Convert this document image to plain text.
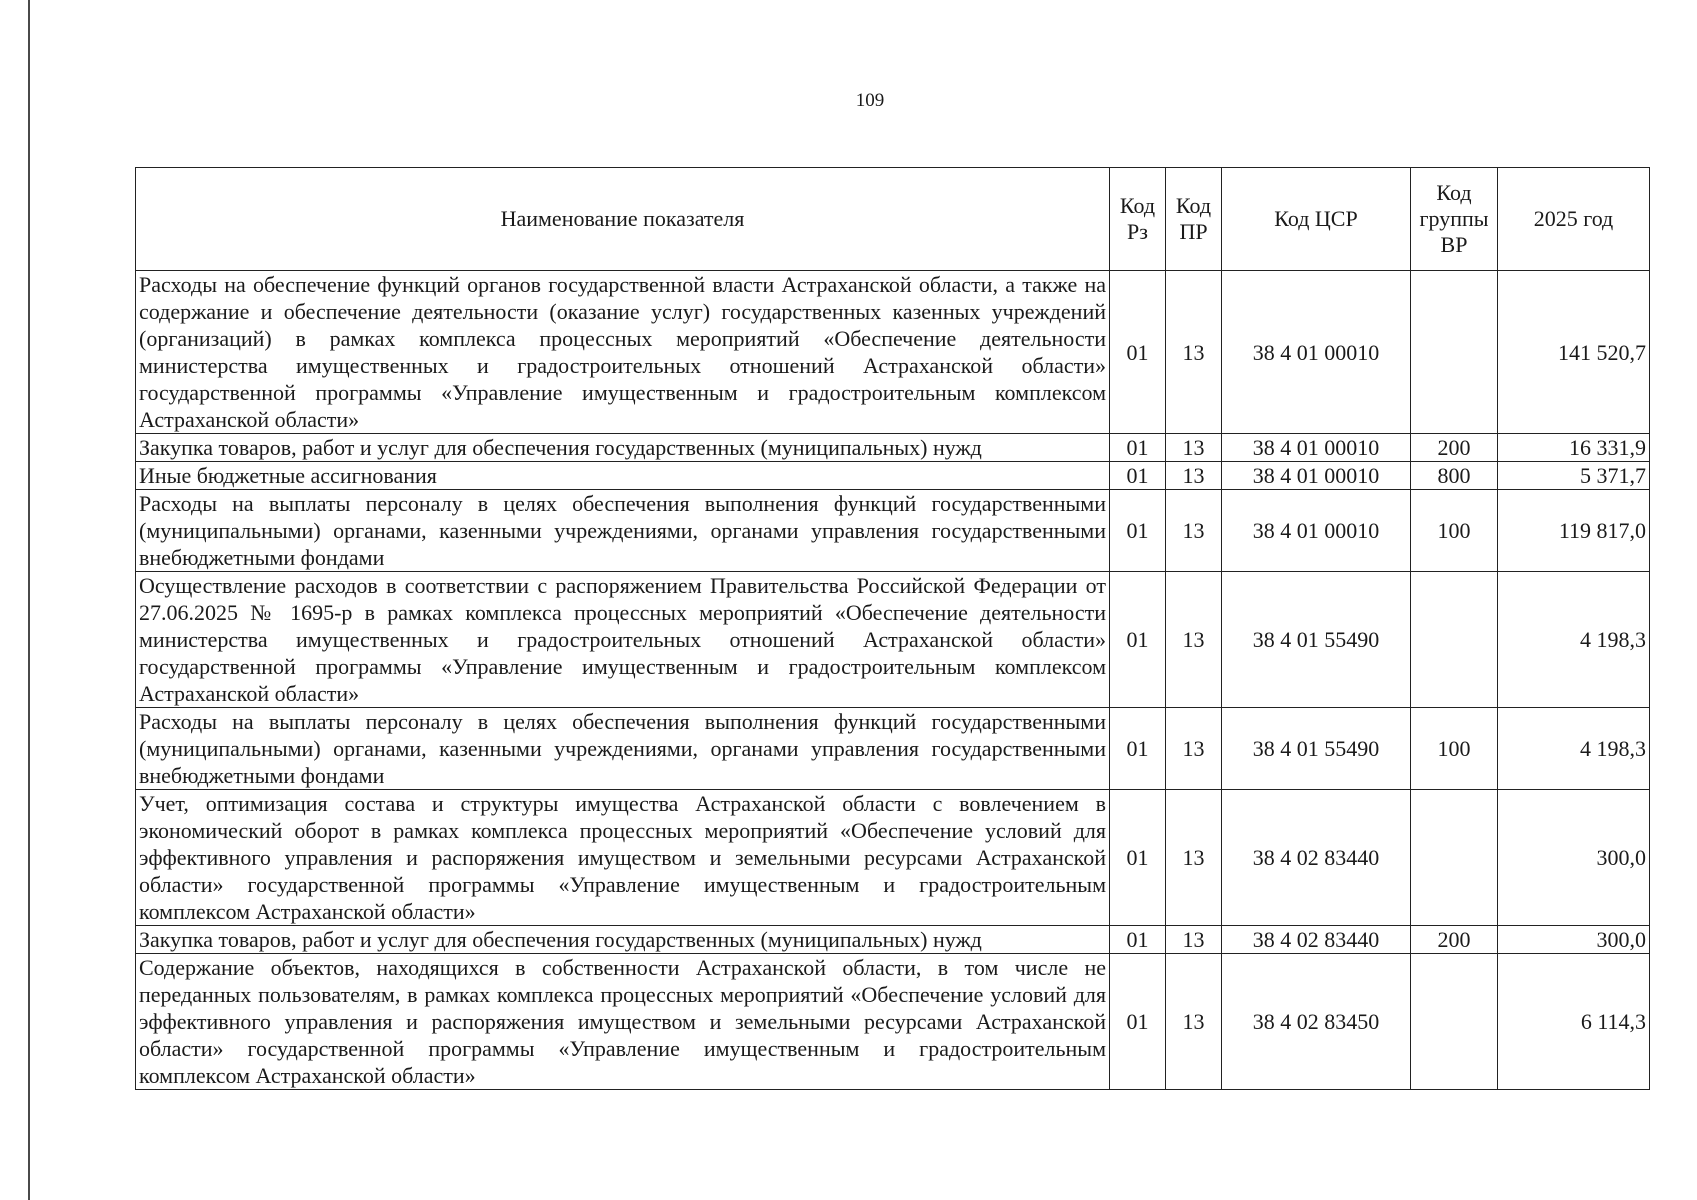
109
Наименование показателя	Код Рз	Код ПР	Код ЦСР	Код группы ВР	2025 год
Расходы на обеспечение функций органов государственной власти Астраханской области, а также на содержание и обеспечение деятельности (оказание услуг) государственных казенных учреждений (организаций) в рамках комплекса процессных мероприятий «Обеспечение деятельности министерства имущественных и градостроительных отношений Астраханской области» государственной программы «Управление имущественным и градостроительным комплексом Астраханской области»	01	13	38 4 01 00010		141 520,7
Закупка товаров, работ и услуг для обеспечения государственных (муниципальных) нужд	01	13	38 4 01 00010	200	16 331,9
Иные бюджетные ассигнования	01	13	38 4 01 00010	800	5 371,7
Расходы на выплаты персоналу в целях обеспечения выполнения функций государственными (муниципальными) органами, казенными учреждениями, органами управления государственными внебюджетными фондами	01	13	38 4 01 00010	100	119 817,0
Осуществление расходов в соответствии с распоряжением Правительства Российской Федерации от 27.06.2025 № 1695-р в рамках комплекса процессных мероприятий «Обеспечение деятельности министерства имущественных и градостроительных отношений Астраханской области» государственной программы «Управление имущественным и градостроительным комплексом Астраханской области»	01	13	38 4 01 55490		4 198,3
Расходы на выплаты персоналу в целях обеспечения выполнения функций государственными (муниципальными) органами, казенными учреждениями, органами управления государственными внебюджетными фондами	01	13	38 4 01 55490	100	4 198,3
Учет, оптимизация состава и структуры имущества Астраханской области с вовлечением в экономический оборот в рамках комплекса процессных мероприятий «Обеспечение условий для эффективного управления и распоряжения имуществом и земельными ресурсами Астраханской области» государственной программы «Управление имущественным и градостроительным комплексом Астраханской области»	01	13	38 4 02 83440		300,0
Закупка товаров, работ и услуг для обеспечения государственных (муниципальных) нужд	01	13	38 4 02 83440	200	300,0
Содержание объектов, находящихся в собственности Астраханской области, в том числе не переданных пользователям, в рамках комплекса процессных мероприятий «Обеспечение условий для эффективного управления и распоряжения имуществом и земельными ресурсами Астраханской области» государственной программы «Управление имущественным и градостроительным комплексом Астраханской области»	01	13	38 4 02 83450		6 114,3
